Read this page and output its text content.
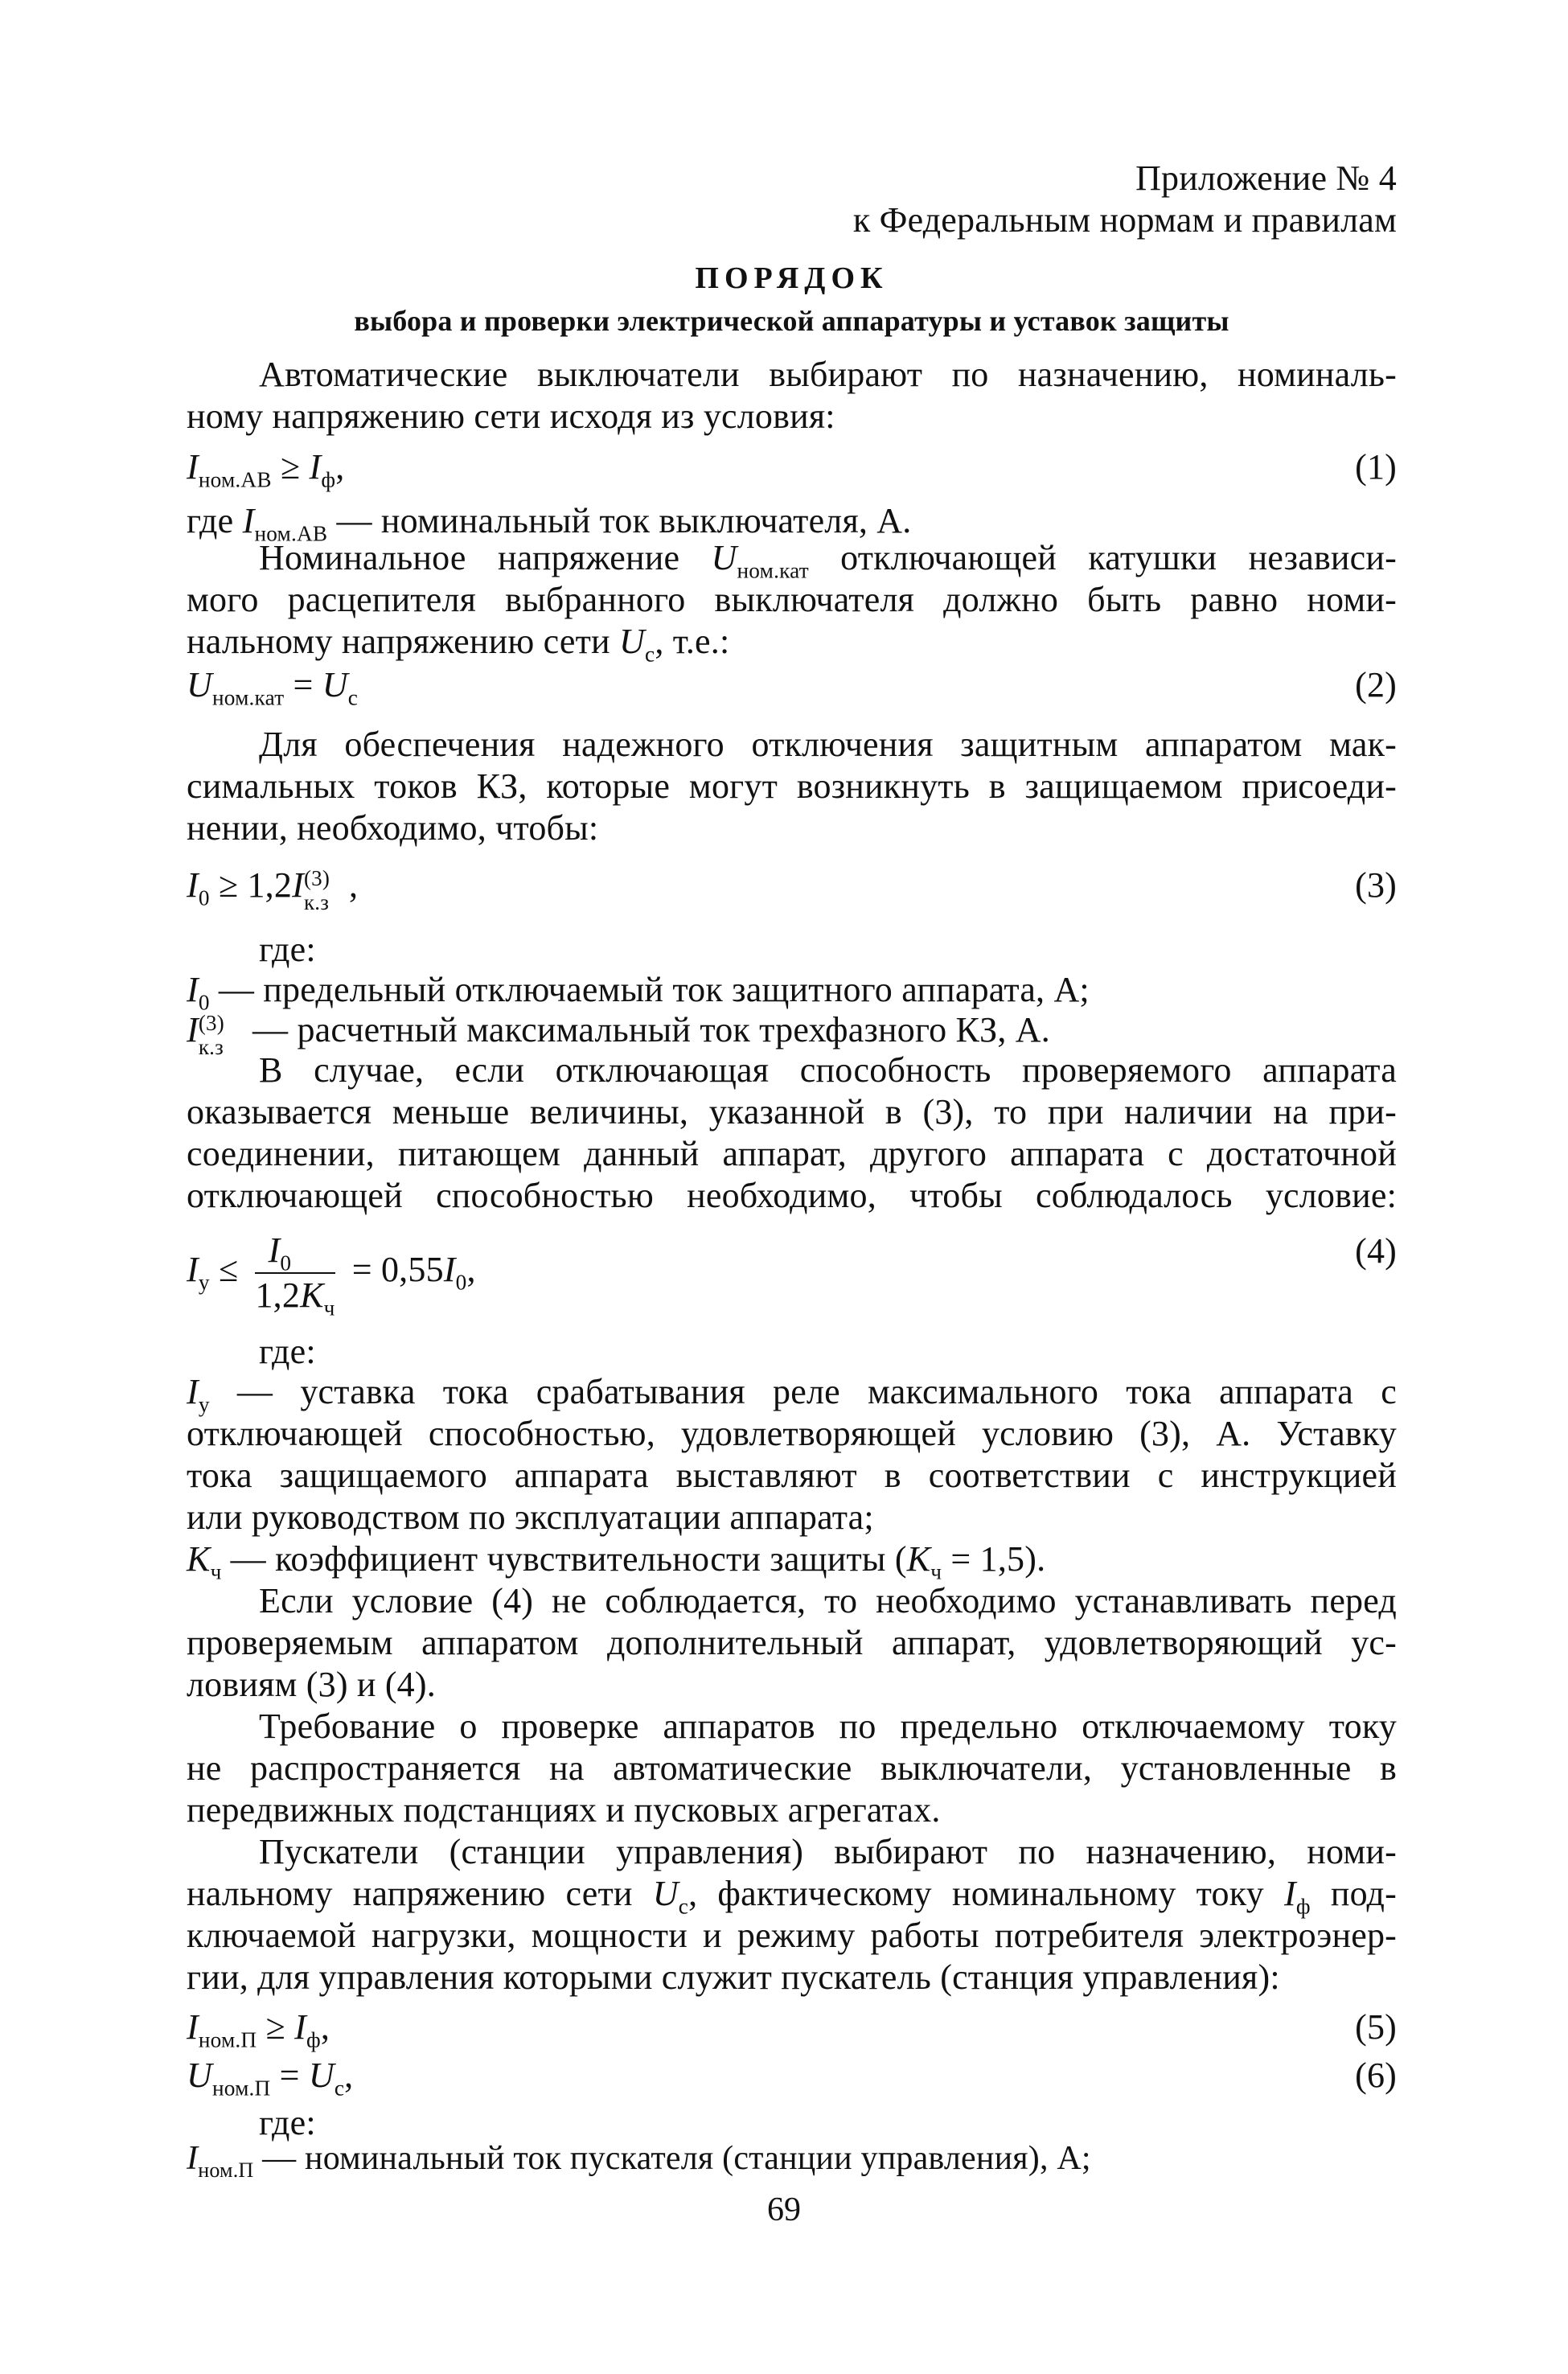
Приложение № 4
к Федеральным нормам и правилам
ПОРЯДОК
выбора и проверки электрической аппаратуры и уставок защиты
Автоматические выключатели выбирают по назначению, номиналь-
ному напряжению сети исходя из условия:
$I_{ном.АВ} \ge I_ф$,	(1)
где $I_{ном.АВ}$ — номинальный ток выключателя, А.
Номинальное напряжение $U_{ном.кат}$ отключающей катушки независи-
мого расцепителя выбранного выключателя должно быть равно номи-
нальному напряжению сети $U_с$, т.е.:
$U_{ном.кат} = U_с$	(2)
Для обеспечения надежного отключения защитным аппаратом мак-
симальных токов КЗ, которые могут возникнуть в защищаемом присоеди-
нении, необходимо, чтобы:
$I_0 \ge 1,2I$ (3)
к.з ,	(3)
где:
$I_0$ — предельный отключаемый ток защитного аппарата, А;
I (3)
к.з — расчетный максимальный ток трехфазного КЗ, А.
В случае, если отключающая способность проверяемого аппарата
оказывается меньше величины, указанной в (3), то при наличии на при-
соединении, питающем данный аппарат, другого аппарата с достаточной
отключающей способностью необходимо, чтобы соблюдалось условие:
$I_у \le \frac{I_0}{1,2K_ч} = 0,55I_0$,	(4)
где:
$I_у$ — уставка тока срабатывания реле максимального тока аппарата с
отключающей способностью, удовлетворяющей условию (3), А. Уставку
тока защищаемого аппарата выставляют в соответствии с инструкцией
или руководством по эксплуатации аппарата;
$K_ч$ — коэффициент чувствительности защиты $(K_ч = 1,5)$.
Если условие (4) не соблюдается, то необходимо устанавливать перед
проверяемым аппаратом дополнительный аппарат, удовлетворяющий ус-
ловиям (3) и (4).
Требование о проверке аппаратов по предельно отключаемому току
не распространяется на автоматические выключатели, установленные в
передвижных подстанциях и пусковых агрегатах.
Пускатели (станции управления) выбирают по назначению, номи-
нальному напряжению сети $U_с$, фактическому номинальному току $I_ф$ под-
ключаемой нагрузки, мощности и режиму работы потребителя электроэнер-
гии, для управления которыми служит пускатель (станция управления):
$I_{ном.П} \ge I_ф$,	(5)
$U_{ном.П} = U_с$,	(6)
где:
$I_{ном.П}$ — номинальный ток пускателя (станции управления), А;
69
